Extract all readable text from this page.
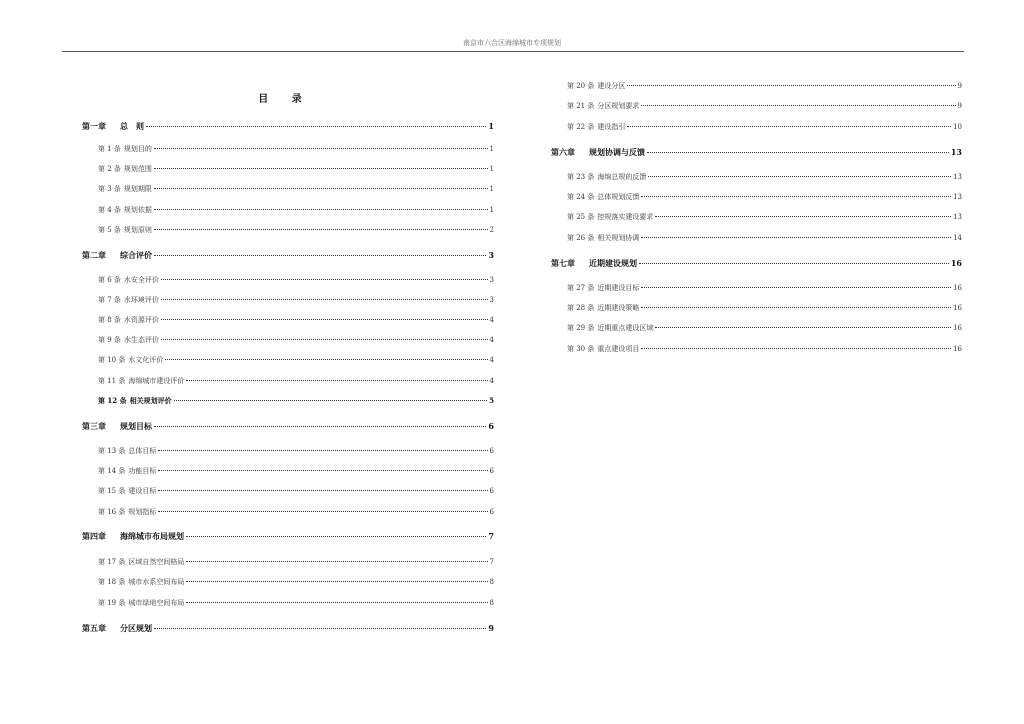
南京市六合区海绵城市专项规划
目 录
第一章 总　则	1
第 1 条 规划目的	1
第 2 条 规划范围	1
第 3 条 规划期限	1
第 4 条 规划依据	1
第 5 条 规划原则	2
第二章 综合评价	3
第 6 条 水安全评价	3
第 7 条 水环境评价	3
第 8 条 水资源评价	4
第 9 条 水生态评价	4
第 10 条 水文化评价	4
第 11 条 海绵城市建设评价	4
第 12 条 相关规划评价	5
第三章 规划目标	6
第 13 条 总体目标	6
第 14 条 功能目标	6
第 15 条 建设目标	6
第 16 条 规划指标	6
第四章 海绵城市布局规划	7
第 17 条 区域自然空间格局	7
第 18 条 城市水系空间布局	8
第 19 条 城市绿地空间布局	8
第五章 分区规划	9
第 20 条 建设分区	9
第 21 条 分区规划要求	9
第 22 条 建设指引	10
第六章 规划协调与反馈	13
第 23 条 海绵总规的反馈	13
第 24 条 总体规划反馈	13
第 25 条 控规落实建设要求	13
第 26 条 相关规划协调	14
第七章 近期建设规划	16
第 27 条 近期建设目标	16
第 28 条 近期建设策略	16
第 29 条 近期重点建设区域	16
第 30 条 重点建设项目	16
